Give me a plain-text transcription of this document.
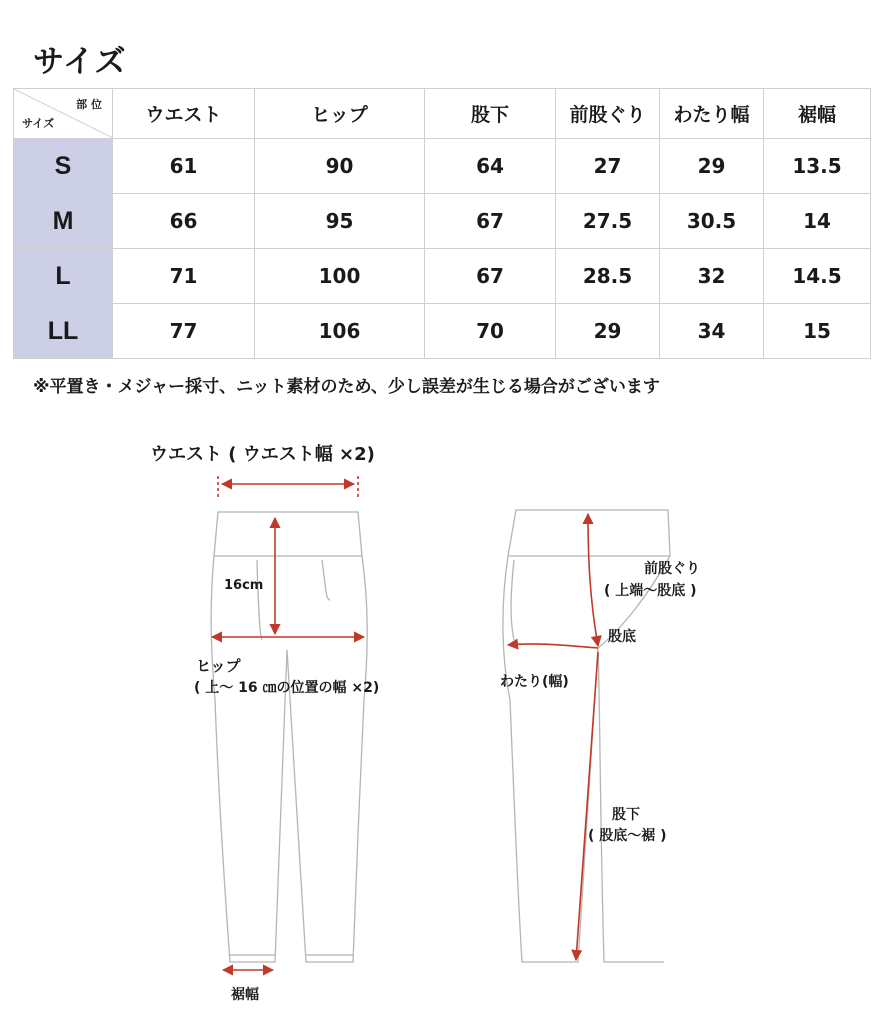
サイズ
部 位
サイズ	ウエスト	ヒップ	股下	前股ぐり	わたり幅	裾幅
S	61	90	64	27	29	13.5
M	66	95	67	27.5	30.5	14
L	71	100	67	28.5	32	14.5
LL	77	106	70	29	34	15
※平置き・メジャー採寸、ニット素材のため、少し誤差が生じる場合がございます
ウエスト ( ウエスト幅 ×2)
16cm
ヒップ
( 上～ 16 ㎝の位置の幅 ×2)
裾幅
前股ぐり
( 上端～股底 )
股底
わたり(幅)
股下
( 股底～裾 )
